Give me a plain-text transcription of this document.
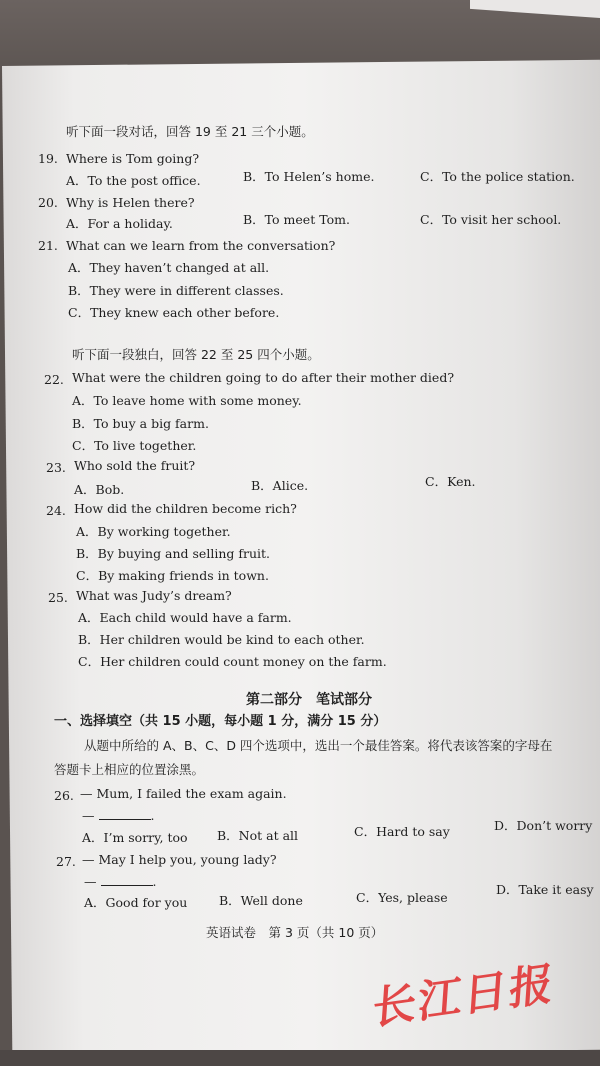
听下面一段对话，回答 19 至 21 三个小题。
19. Where is Tom going?
A．To the post office.	B．To Helen’s home.	C．To the police station.
20. Why is Helen there?
A．For a holiday.	B．To meet Tom.	C．To visit her school.
21. What can we learn from the conversation?
A．They haven’t changed at all.
B．They were in different classes.
C．They knew each other before.
听下面一段独白，回答 22 至 25 四个小题。
22. What were the children going to do after their mother died?
A．To leave home with some money.
B．To buy a big farm.
C．To live together.
23. Who sold the fruit?
A．Bob.	B．Alice.	C．Ken.
24. How did the children become rich?
A．By working together.
B．By buying and selling fruit.
C．By making friends in town.
25. What was Judy’s dream?
A．Each child would have a farm.
B．Her children would be kind to each other.
C．Her children could count money on the farm.
第二部分　笔试部分
一、选择填空（共 15 小题，每小题 1 分，满分 15 分）
从题中所给的 A、B、C、D 四个选项中，选出一个最佳答案。将代表该答案的字母在
答题卡上相应的位置涂黑。
26. — Mum, I failed the exam again.
—	.
A．I’m sorry, too B．Not at all	C．Hard to say	D．Don’t worry
27. — May I help you, young lady?
—	.
A．Good for you	B．Well done	C．Yes, please
D．Take it easy
英语试卷　第 3 页（共 10 页）
长江日报
